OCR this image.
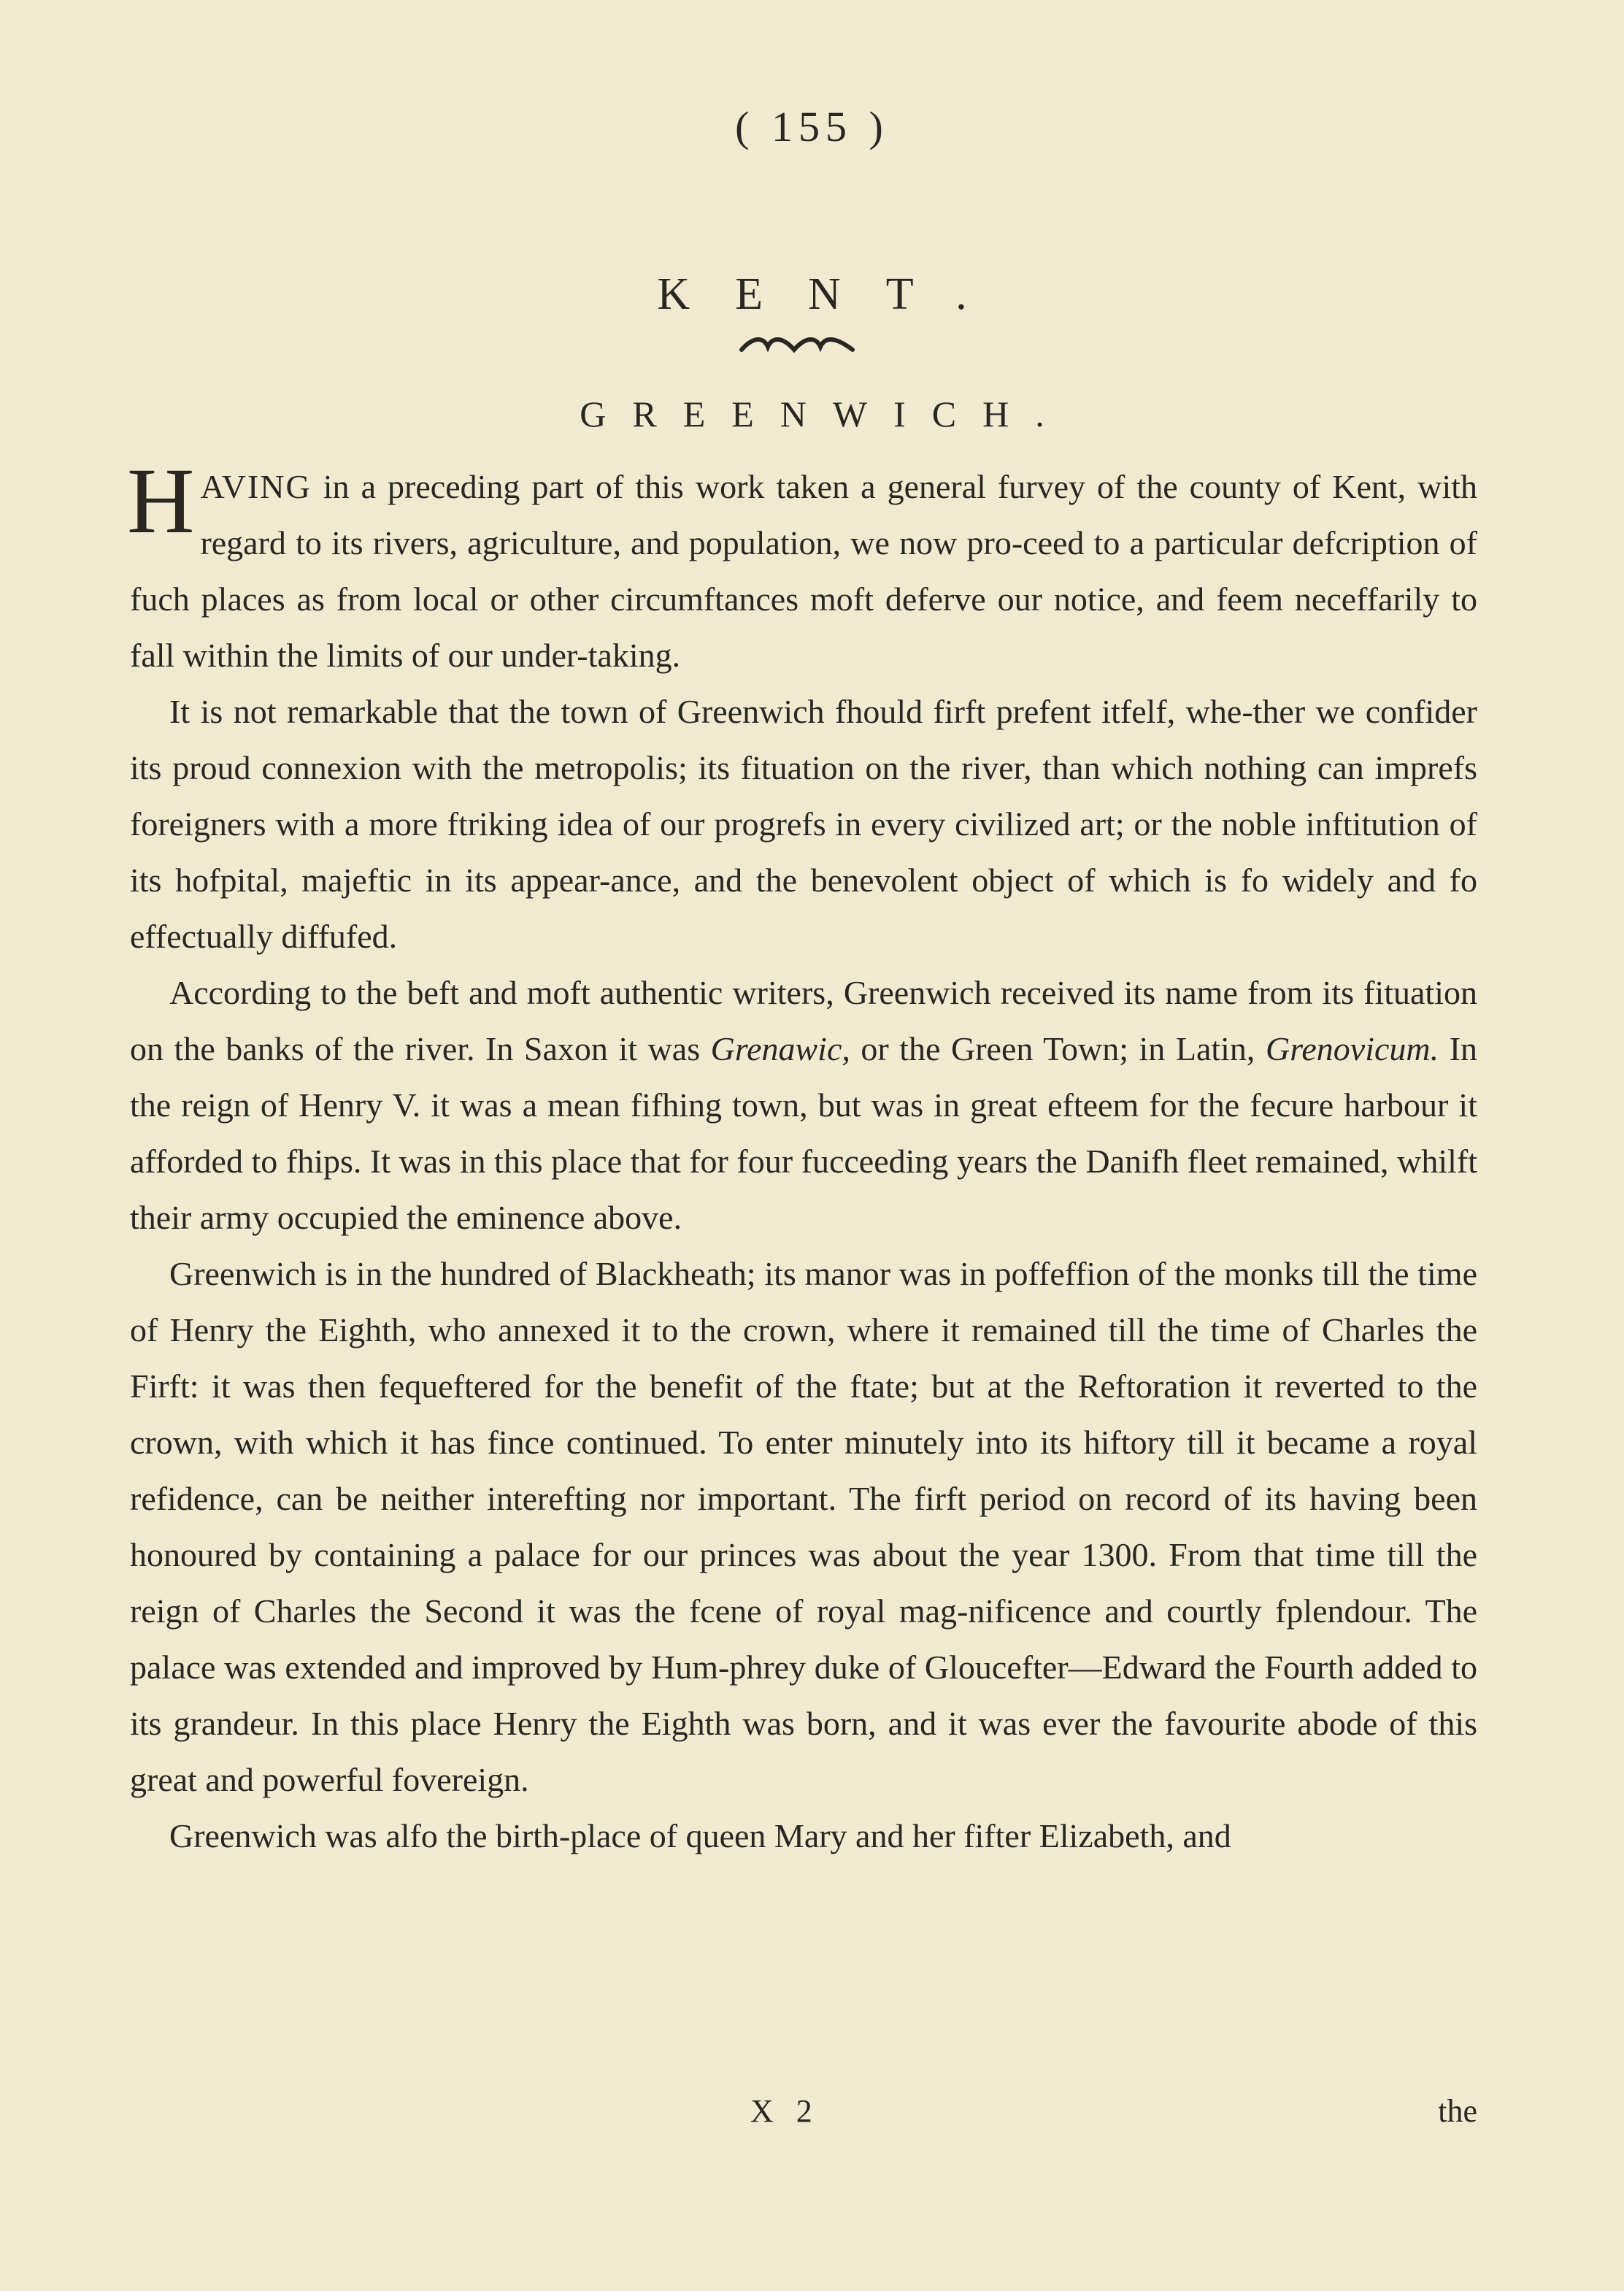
( 155 )
KENT.
GREENWICH.

HAVING in a preceding part of this work taken a general furvey of the county of Kent, with regard to its rivers, agriculture, and population, we now pro-ceed to a particular defcription of fuch places as from local or other circumftances moft deferve our notice, and feem neceffarily to fall within the limits of our under-taking.

It is not remarkable that the town of Greenwich fhould firft prefent itfelf, whe-ther we confider its proud connexion with the metropolis; its fituation on the river, than which nothing can imprefs foreigners with a more ftriking idea of our progrefs in every civilized art; or the noble inftitution of its hofpital, majeftic in its appear-ance, and the benevolent object of which is fo widely and fo effectually diffufed.

According to the beft and moft authentic writers, Greenwich received its name from its fituation on the banks of the river. In Saxon it was Grenawic, or the Green Town; in Latin, Grenovicum. In the reign of Henry V. it was a mean fifhing town, but was in great efteem for the fecure harbour it afforded to fhips. It was in this place that for four fucceeding years the Danifh fleet remained, whilft their army occupied the eminence above.

Greenwich is in the hundred of Blackheath; its manor was in poffeffion of the monks till the time of Henry the Eighth, who annexed it to the crown, where it remained till the time of Charles the Firft: it was then fequeftered for the benefit of the ftate; but at the Reftoration it reverted to the crown, with which it has fince continued. To enter minutely into its hiftory till it became a royal refidence, can be neither interefting nor important. The firft period on record of its having been honoured by containing a palace for our princes was about the year 1300. From that time till the reign of Charles the Second it was the fcene of royal mag-nificence and courtly fplendour. The palace was extended and improved by Hum-phrey duke of Gloucefter—Edward the Fourth added to its grandeur. In this place Henry the Eighth was born, and it was ever the favourite abode of this great and powerful fovereign.

Greenwich was alfo the birth-place of queen Mary and her fifter Elizabeth, and

X 2	the
